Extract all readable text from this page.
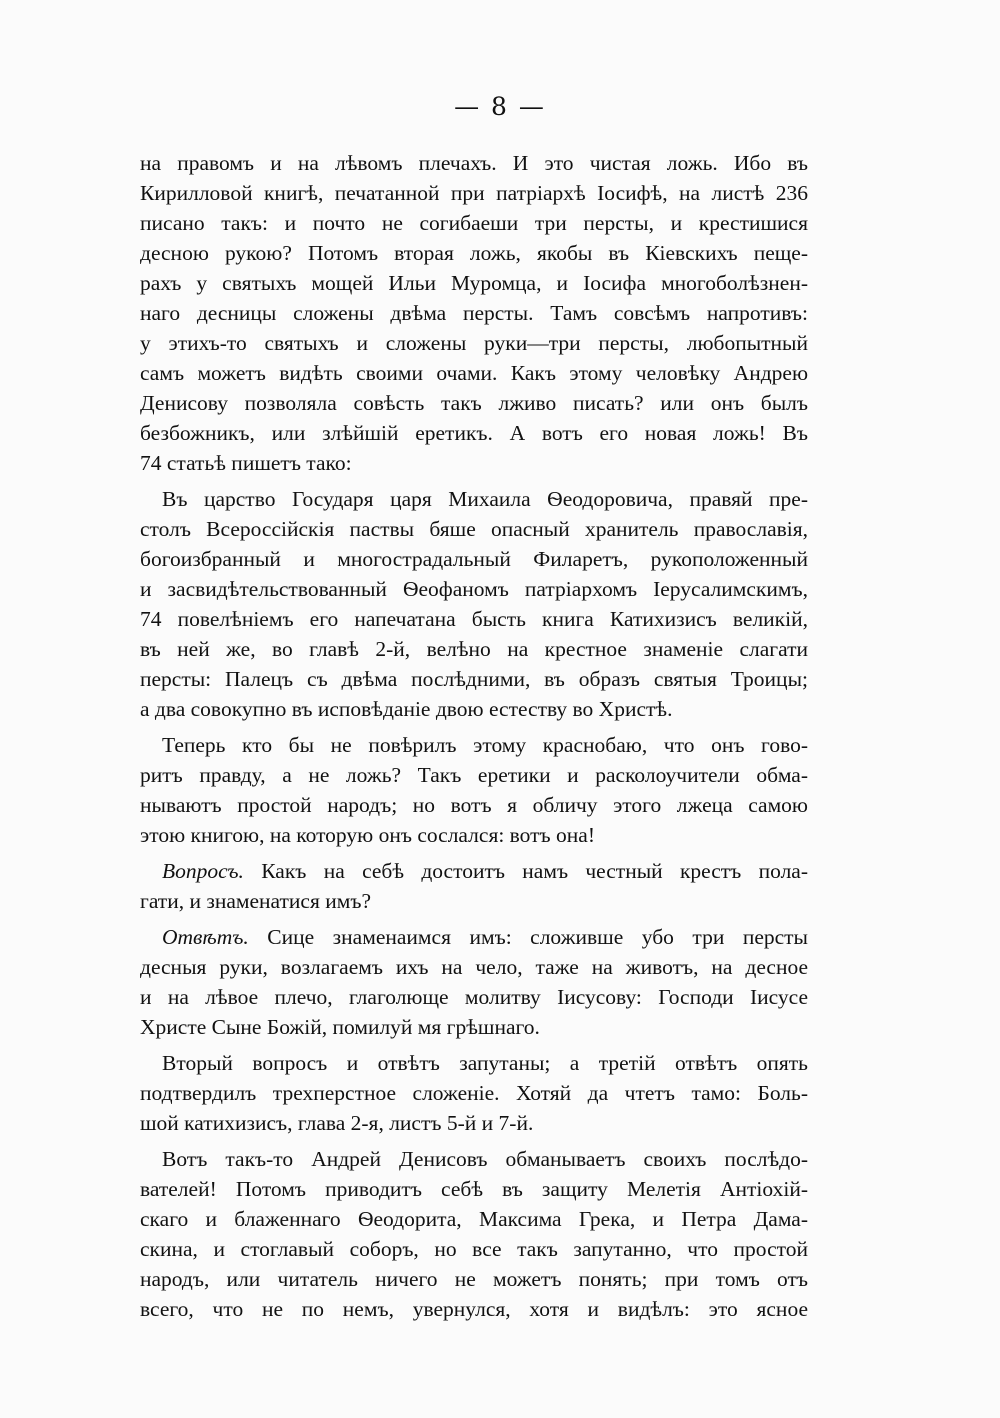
— 8 —
на правомъ и на лѣвомъ плечахъ. И это чистая ложь. Ибо въ
Кирилловой книгѣ, печатанной при патріархѣ Іосифѣ, на листѣ 236
писано такъ: и почто не согибаеши три персты, и крестишися
десною рукою? Потомъ вторая ложь, якобы въ Кіевскихъ пеще-
рахъ у святыхъ мощей Ильи Муромца, и Іосифа многоболѣзнен-
наго десницы сложены двѣма персты. Тамъ совсѣмъ напротивъ:
у этихъ-то святыхъ и сложены руки—три персты, любопытный
самъ можетъ видѣть своими очами. Какъ этому человѣку Андрею
Денисову позволяла совѣсть такъ лживо писать? или онъ былъ
безбожникъ, или злѣйшій еретикъ. А вотъ его новая ложь! Въ
74 статьѣ пишетъ тако:
Въ царство Государя царя Михаила Ѳеодоровича, правяй пре-
столъ Всероссійскія паствы бяше опасный хранитель православія,
богоизбранный и многострадальный Филаретъ, рукоположенный
и засвидѣтельствованный Ѳеофаномъ патріархомъ Іерусалимскимъ,
74 повелѣніемъ его напечатана бысть книга Катихизисъ великій,
въ ней же, во главѣ 2-й, велѣно на крестное знаменіе слагати
персты: Палецъ съ двѣма послѣдними, въ образъ святыя Троицы;
а два совокупно въ исповѣданіе двою естеству во Христѣ.
Теперь кто бы не повѣрилъ этому краснобаю, что онъ гово-
ритъ правду, а не ложь? Такъ еретики и расколоучители обма-
нываютъ простой народъ; но вотъ я обличу этого лжеца самою
этою книгою, на которую онъ сослался: вотъ она!
Вопросъ. Какъ на себѣ достоитъ намъ честный крестъ пола-
гати, и знаменатися имъ?
Отвѣтъ. Сице знаменаимся имъ: сложивше убо три персты
десныя руки, возлагаемъ ихъ на чело, таже на животъ, на десное
и на лѣвое плечо, глаголюще молитву Іисусову: Господи Іисусе
Христе Сыне Божій, помилуй мя грѣшнаго.
Вторый вопросъ и отвѣтъ запутаны; а третій отвѣтъ опять
подтвердилъ трехперстное сложеніе. Хотяй да чтетъ тамо: Боль-
шой катихизисъ, глава 2-я, листъ 5-й и 7-й.
Вотъ такъ-то Андрей Денисовъ обманываетъ своихъ послѣдо-
вателей! Потомъ приводитъ себѣ въ защиту Мелетія Антіохій-
скаго и блаженнаго Ѳеодорита, Максима Грека, и Петра Дама-
скина, и стоглавый соборъ, но все такъ запутанно, что простой
народъ, или читатель ничего не можетъ понять; при томъ отъ
всего, что не по немъ, увернулся, хотя и видѣлъ: это ясное
